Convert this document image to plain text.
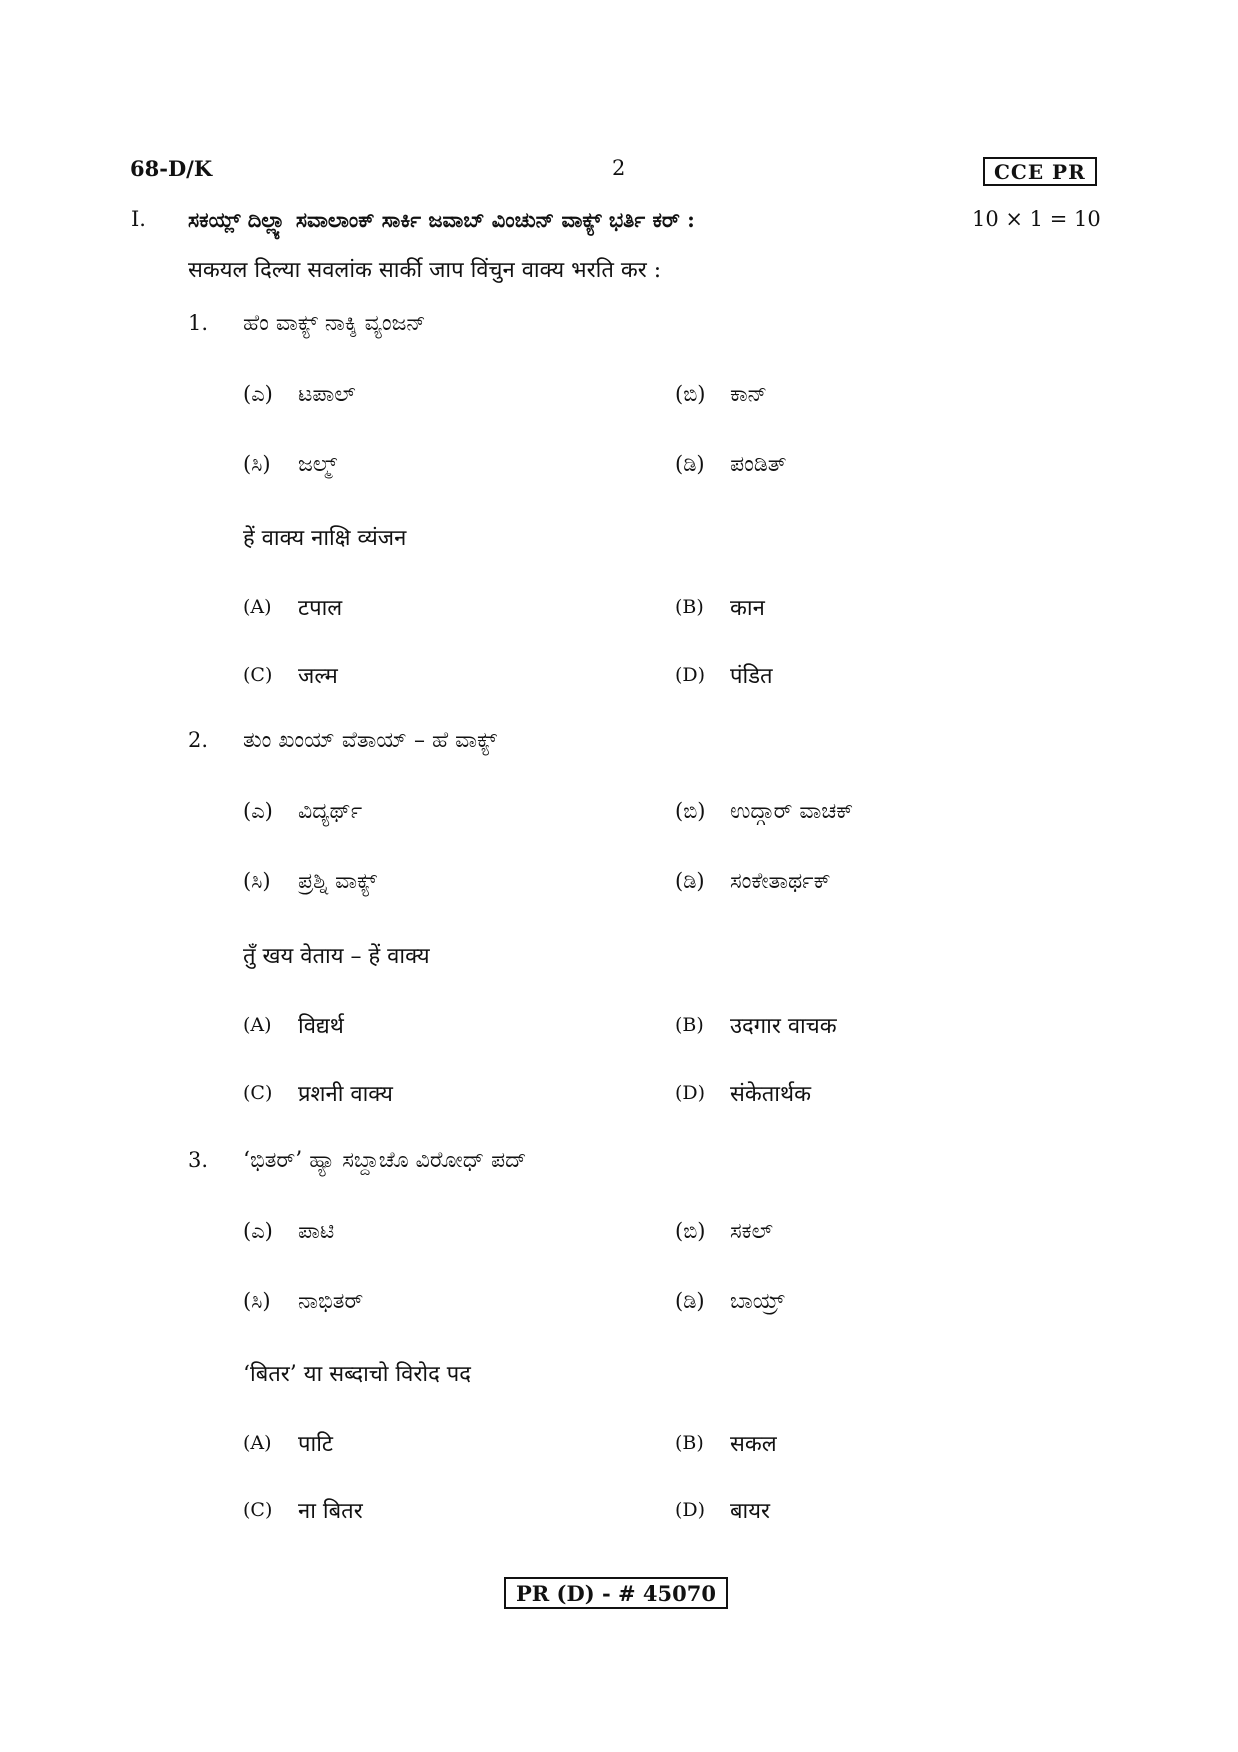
68-D/K	2	CCE PR
I. ಸಕಯ್ಲ್ ದಿಲ್ಲ್ಯಾ ಸವಾಲಾಂಕ್ ಸಾರ್ಕಿ ಜವಾಬ್ ವಿಂಚುನ್ ವಾಕ್ಯ್ ಭರ್ತಿ ಕರ್ :	10 × 1 = 10
सकयल दिल्या सवलांक सार्की जाप विंचुन वाक्य भरति कर :
1. ಹೆಂ ವಾಕ್ಯ್ ನಾಕ್ಶಿ ವ್ಯಂಜನ್
(ಎ) ಟಪಾಲ್	(ಬಿ) ಕಾನ್
(ಸಿ) ಜಲ್ಮ್	(ಡಿ) ಪಂಡಿತ್
हें वाक्य नाक्षि व्यंजन
(A) टपाल	(B) कान
(C) जल्म	(D) पंडित
2. ತುಂ ಖಂಯ್ ವೆತಾಯ್ – ಹೆ ವಾಕ್ಯ್
(ಎ) ವಿದ್ಯರ್ಥ್	(ಬಿ) ಉದ್ಗಾರ್ ವಾಚಕ್
(ಸಿ) ಪ್ರಶ್ನಿ ವಾಕ್ಯ್	(ಡಿ) ಸಂಕೇತಾರ್ಥಕ್
तुँ खय वेताय – हें वाक्य
(A) विद्यर्थ	(B) उदगार वाचक
(C) प्रशनी वाक्य	(D) संकेतार्थक
3. ‘ಭಿತರ್’ ಹ್ಯಾ ಸಬ್ದಾಚೊ ವಿರೋಧ್ ಪದ್
(ಎ) ಪಾಟಿ	(ಬಿ) ಸಕಲ್
(ಸಿ) ನಾಭಿತರ್	(ಡಿ) ಬಾಯ್ರ್
‘बितर’ या सब्दाचो विरोद पद
(A) पाटि	(B) सकल
(C) ना बितर	(D) बायर
PR (D) - # 45070
